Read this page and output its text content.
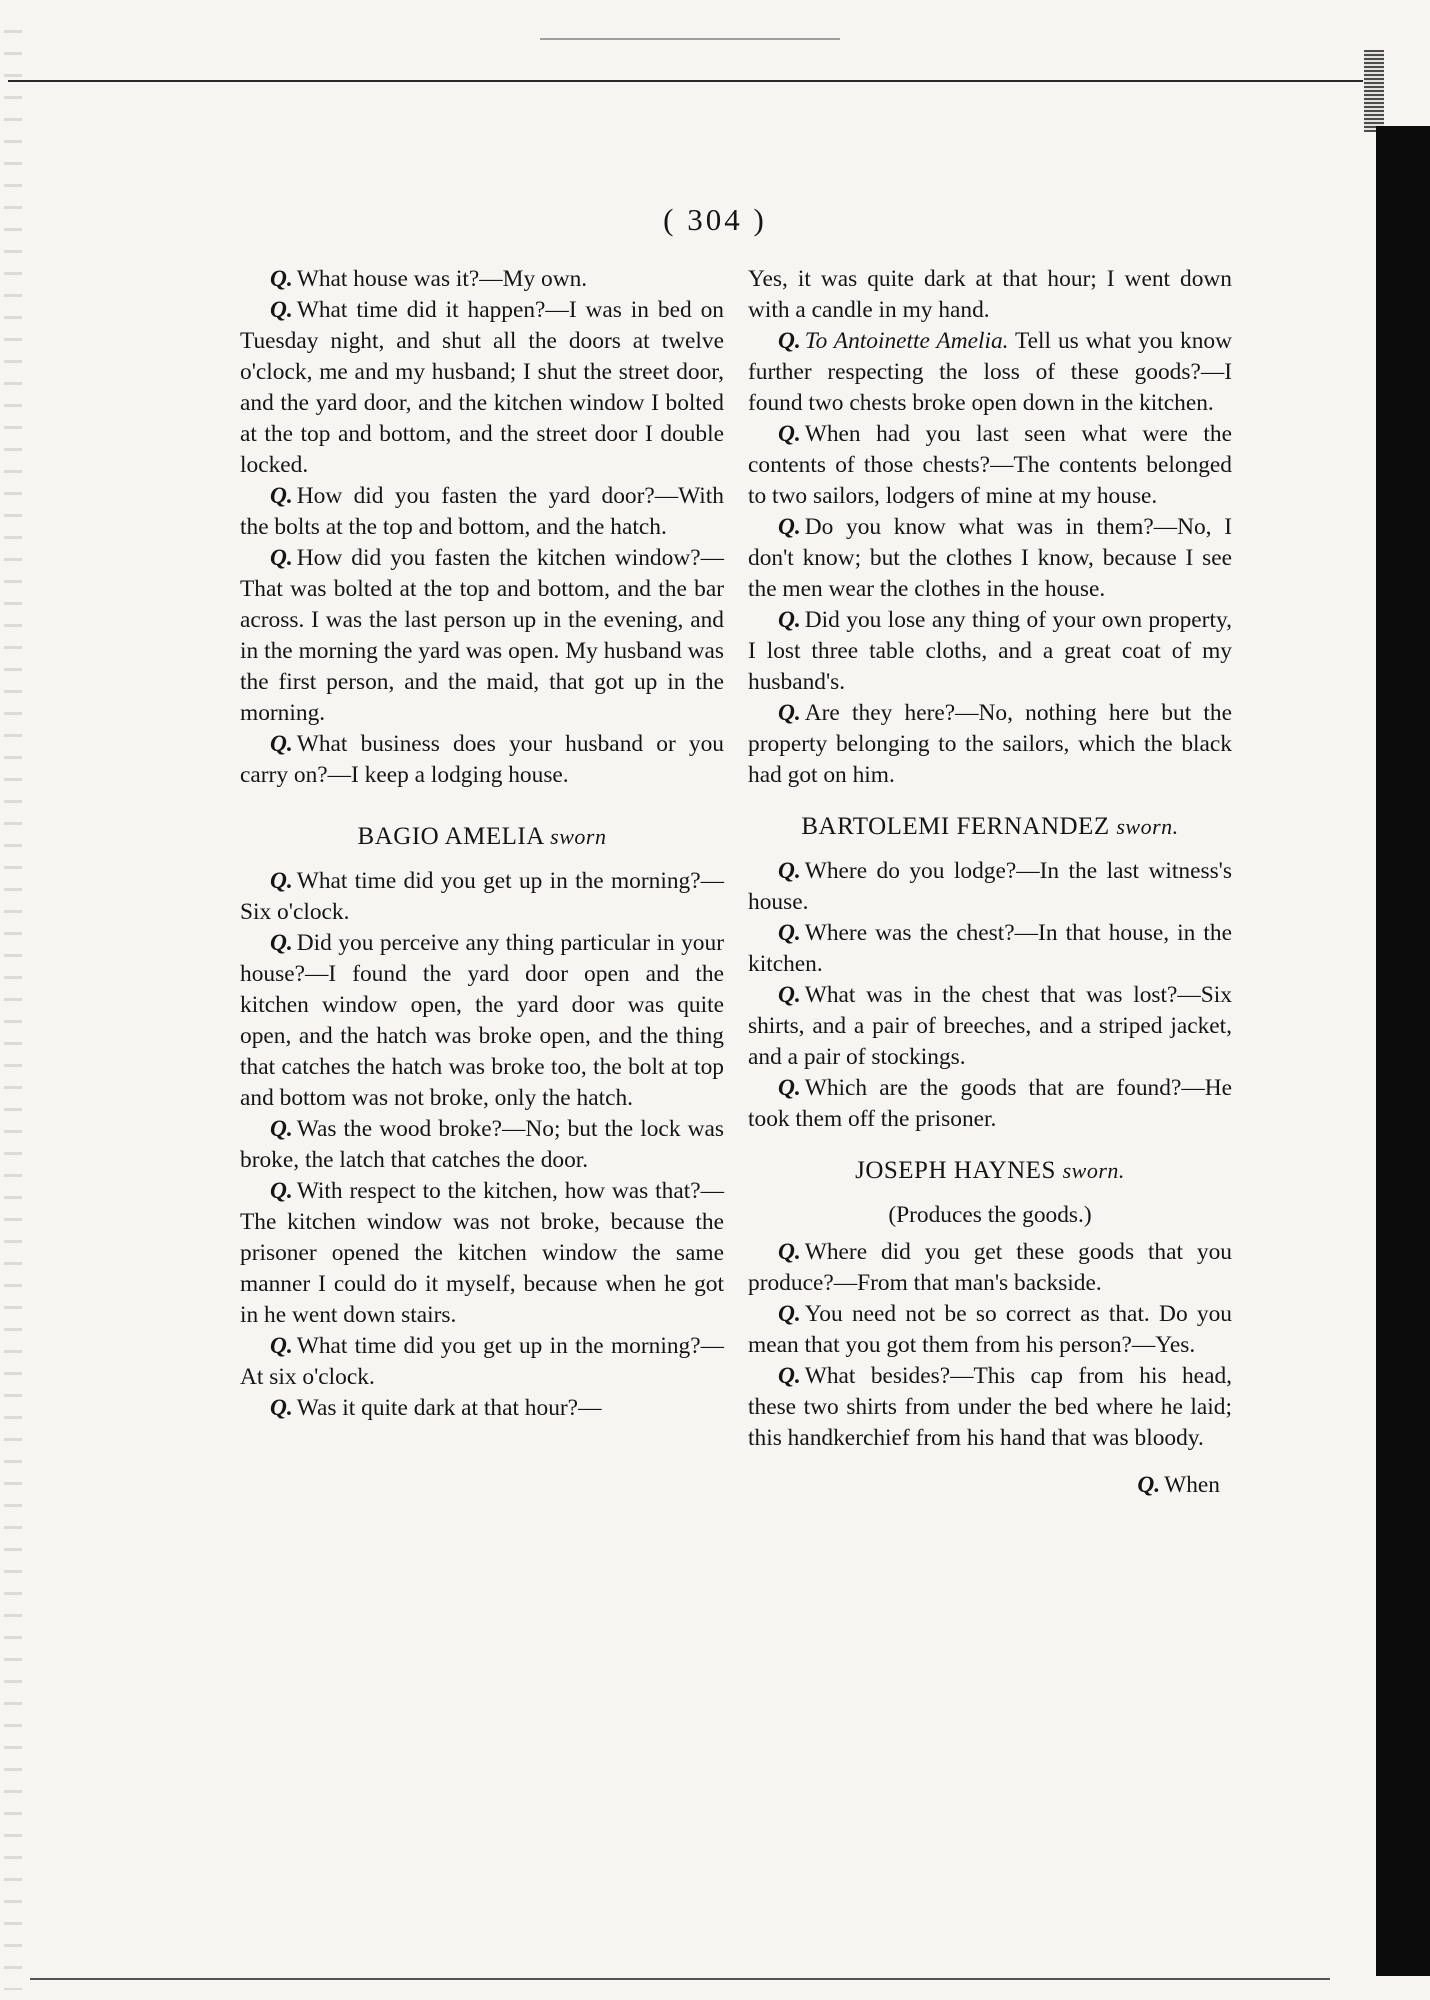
( 304 )

Q. What house was it?—My own.

Q. What time did it happen?—I was in bed on Tuesday night, and shut all the doors at twelve o'clock, me and my husband; I shut the street door, and the yard door, and the kitchen window I bolted at the top and bottom, and the street door I double locked.

Q. How did you fasten the yard door?—With the bolts at the top and bottom, and the hatch.

Q. How did you fasten the kitchen window?—That was bolted at the top and bottom, and the bar across. I was the last person up in the evening, and in the morning the yard was open. My husband was the first person, and the maid, that got up in the morning.

Q. What business does your husband or you carry on?—I keep a lodging house.

BAGIO AMELIA sworn

Q. What time did you get up in the morning?—Six o'clock.

Q. Did you perceive any thing particular in your house?—I found the yard door open and the kitchen window open, the yard door was quite open, and the hatch was broke open, and the thing that catches the hatch was broke too, the bolt at top and bottom was not broke, only the hatch.

Q. Was the wood broke?—No; but the lock was broke, the latch that catches the door.

Q. With respect to the kitchen, how was that?—The kitchen window was not broke, because the prisoner opened the kitchen window the same manner I could do it myself, because when he got in he went down stairs.

Q. What time did you get up in the morning?—At six o'clock.

Q. Was it quite dark at that hour?—

Yes, it was quite dark at that hour; I went down with a candle in my hand.

Q. To Antoinette Amelia. Tell us what you know further respecting the loss of these goods?—I found two chests broke open down in the kitchen.

Q. When had you last seen what were the contents of those chests?—The contents belonged to two sailors, lodgers of mine at my house.

Q. Do you know what was in them?—No, I don't know; but the clothes I know, because I see the men wear the clothes in the house.

Q. Did you lose any thing of your own property, I lost three table cloths, and a great coat of my husband's.

Q. Are they here?—No, nothing here but the property belonging to the sailors, which the black had got on him.

BARTOLEMI FERNANDEZ sworn.

Q. Where do you lodge?—In the last witness's house.

Q. Where was the chest?—In that house, in the kitchen.

Q. What was in the chest that was lost?—Six shirts, and a pair of breeches, and a striped jacket, and a pair of stockings.

Q. Which are the goods that are found?—He took them off the prisoner.

JOSEPH HAYNES sworn.
(Produces the goods.)

Q. Where did you get these goods that you produce?—From that man's backside.

Q. You need not be so correct as that. Do you mean that you got them from his person?—Yes.

Q. What besides?—This cap from his head, these two shirts from under the bed where he laid; this handkerchief from his hand that was bloody.

Q. When
